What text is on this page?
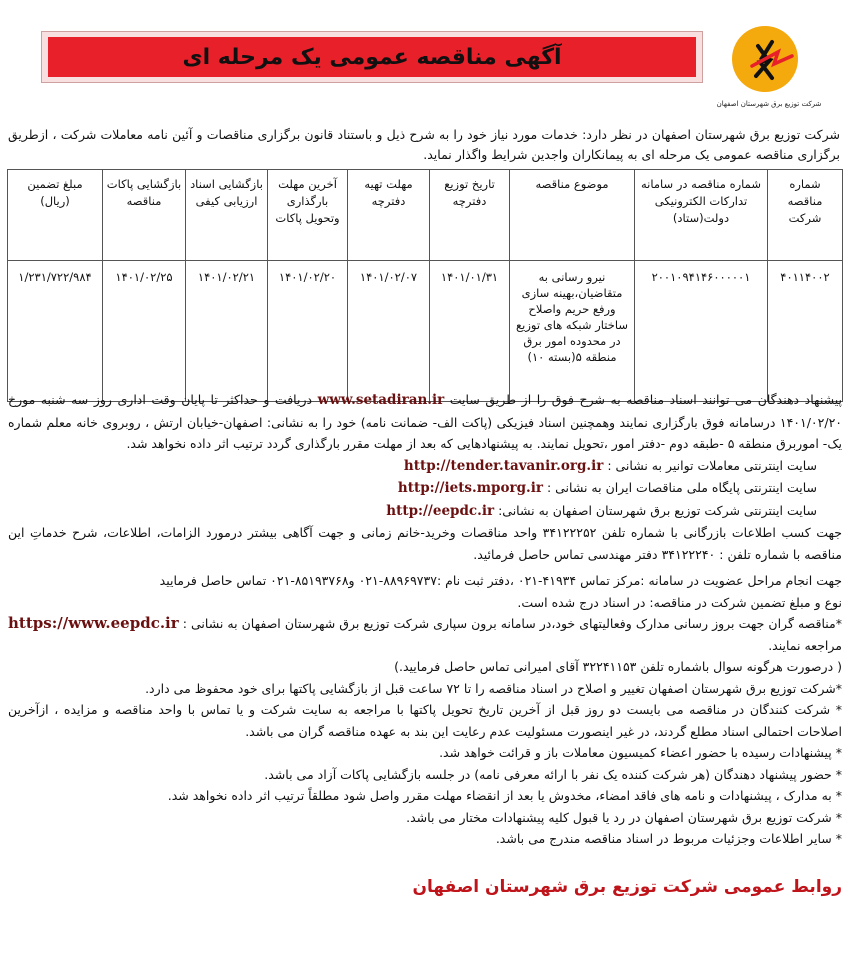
آگهی مناقصه عمومی یک مرحله ای
شرکت توزیع برق شهرستان اصفهان
شرکت توزیع برق شهرستان اصفهان در نظر دارد: خدمات مورد نیاز خود را به شرح ذیل و باستناد قانون برگزاری مناقصات و آئین نامه معاملات شرکت ، ازطریق برگزاری مناقصه عمومی یک مرحله ای به پیمانکاران واجدین شرایط واگذار نماید.
شماره مناقصه شرکت	شماره مناقصه در سامانه تدارکات الکترونیکی دولت(ستاد)	موضوع مناقصه	تاریخ توزیع دفترچه	مهلت تهیه دفترچه	آخرین مهلت بارگذاری وتحویل پاکات	بازگشایی اسناد ارزیابی کیفی	بازگشایی پاکات مناقصه	مبلغ تضمین (ریال)
۴۰۱۱۴۰۰۲	۲۰۰۱۰۹۴۱۴۶۰۰۰۰۰۱	نیرو رسانی به متقاضیان،بهینه سازی ورفع حریم واصلاح ساختار شبکه های توزیع در محدوده امور برق منطقه ۵(بسته ۱۰)	۱۴۰۱/۰۱/۳۱	۱۴۰۱/۰۲/۰۷	۱۴۰۱/۰۲/۲۰	۱۴۰۱/۰۲/۲۱	۱۴۰۱/۰۲/۲۵	۱/۲۳۱/۷۲۲/۹۸۴

پیشنهاد دهندگان می توانند اسناد مناقصه به شرح فوق را از طریق سایت www.setadiran.ir دریافت و حداکثر تا پایان وقت اداری روز سه شنبه مورخ ۱۴۰۱/۰۲/۲۰ درسامانه فوق بارگزاری نمایند وهمچنین اسناد فیزیکی (پاکت الف- ضمانت نامه) خود را به نشانی: اصفهان-خیابان ارتش ، روبروی خانه معلم شماره یک- اموربرق منطقه ۵ -طبقه دوم -دفتر امور ،تحویل نمایند. به پیشنهادهایی که بعد از مهلت مقرر بارگذاری گردد ترتیب اثر داده نخواهد شد.

سایت اینترنتی معاملات توانیر به نشانی : http://tender.tavanir.org.ir

سایت اینترنتی پایگاه ملی مناقصات ایران به نشانی : http://iets.mporg.ir

سایت اینترنتی شرکت توزیع برق شهرستان اصفهان به نشانی: http://eepdc.ir

جهت کسب اطلاعات بازرگانی با شماره تلفن ۳۴۱۲۲۲۵۲ واحد مناقصات وخرید-خانم زمانی و جهت آگاهی بیشتر درمورد الزامات، اطلاعات، شرح خدماتِ این مناقصه با شماره تلفن : ۳۴۱۲۲۲۴۰ دفتر مهندسی تماس حاصل فرمائید.

جهت انجام مراحل عضویت در سامانه :مرکز تماس ۴۱۹۳۴-۰۲۱ ،دفتر ثبت نام :۸۸۹۶۹۷۳۷-۰۲۱ و۸۵۱۹۳۷۶۸-۰۲۱ تماس حاصل فرمایید

نوع و مبلغ تضمین شرکت در مناقصه: در اسناد درج شده است.

*مناقصه گران جهت بروز رسانی مدارک وفعالیتهای خود،در سامانه برون سپاری شرکت توزیع برق شهرستان اصفهان به نشانی : https://www.eepdc.ir مراجعه نمایند.

( درصورت هرگونه سوال باشماره تلفن ۳۲۲۴۱۱۵۳ آقای امیرانی تماس حاصل فرمایید.)

*شرکت توزیع برق شهرستان اصفهان تغییر و اصلاح در اسناد مناقصه را تا ۷۲ ساعت قبل از بازگشایی پاکتها برای خود محفوظ می دارد.

* شرکت کنندگان در مناقصه می بایست دو روز قبل از آخرین تاریخ تحویل پاکتها با مراجعه به سایت شرکت و یا تماس با واحد مناقصه و مزایده ، ازآخرین اصلاحات احتمالی اسناد مطلع گردند، در غیر اینصورت مسئولیت عدم رعایت این بند به عهده مناقصه گران می باشد.

* پیشنهادات رسیده با حضور اعضاء کمیسیون معاملات باز و قرائت خواهد شد.

* حضور پیشنهاد دهندگان (هر شرکت کننده یک نفر با ارائه معرفی نامه) در جلسه بازگشایی پاکات آزاد می باشد.

* به مدارک ، پیشنهادات و نامه های فاقد امضاء، مخدوش یا بعد از انقضاء مهلت مقرر واصل شود مطلقاً ترتیب اثر داده نخواهد شد.

* شرکت توزیع برق شهرستان اصفهان در رد یا قبول کلیه پیشنهادات مختار می باشد.

* سایر اطلاعات وجزئیات مربوط در اسناد مناقصه مندرج می باشد.

روابط عمومی شرکت توزیع برق شهرستان اصفهان
